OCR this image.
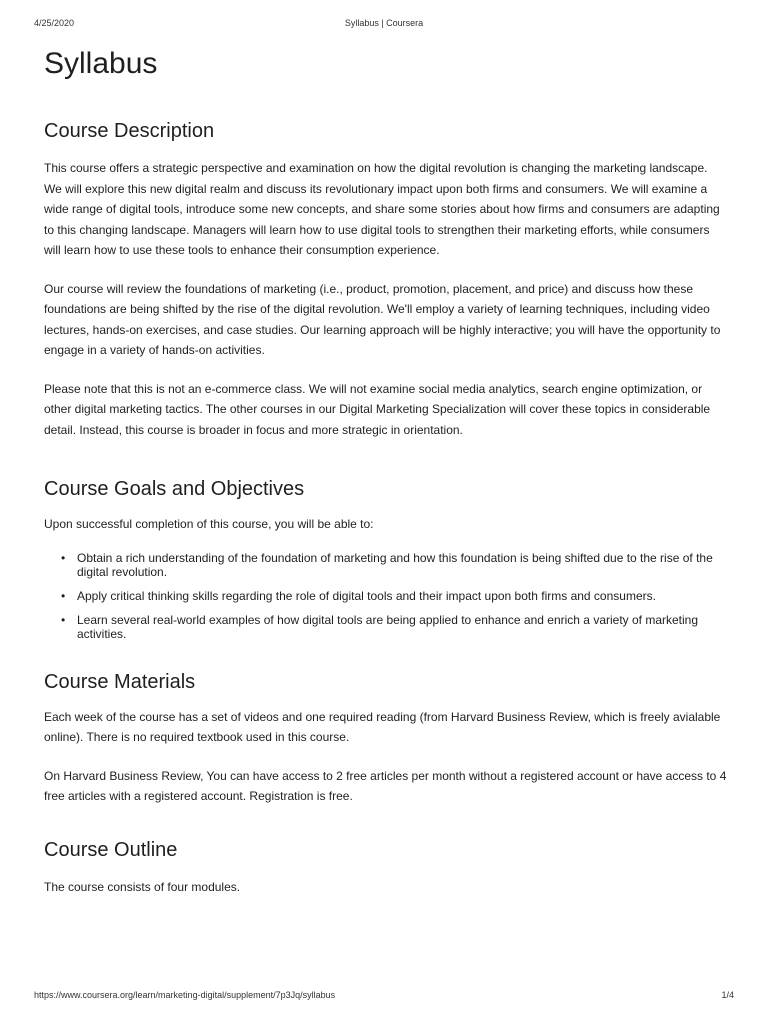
4/25/2020	Syllabus | Coursera
Syllabus
Course Description

This course offers a strategic perspective and examination on how the digital revolution is changing the marketing landscape. We will explore this new digital realm and discuss its revolutionary impact upon both firms and consumers. We will examine a wide range of digital tools, introduce some new concepts, and share some stories about how firms and consumers are adapting to this changing landscape. Managers will learn how to use digital tools to strengthen their marketing efforts, while consumers will learn how to use these tools to enhance their consumption experience.

Our course will review the foundations of marketing (i.e., product, promotion, placement, and price) and discuss how these foundations are being shifted by the rise of the digital revolution. We'll employ a variety of learning techniques, including video lectures, hands-on exercises, and case studies. Our learning approach will be highly interactive; you will have the opportunity to engage in a variety of hands-on activities.

Please note that this is not an e-commerce class. We will not examine social media analytics, search engine optimization, or other digital marketing tactics. The other courses in our Digital Marketing Specialization will cover these topics in considerable detail. Instead, this course is broader in focus and more strategic in orientation.

Course Goals and Objectives

Upon successful completion of this course, you will be able to:

• Obtain a rich understanding of the foundation of marketing and how this foundation is being shifted due to the rise of the digital revolution.
• Apply critical thinking skills regarding the role of digital tools and their impact upon both firms and consumers.
• Learn several real-world examples of how digital tools are being applied to enhance and enrich a variety of marketing activities.
Course Materials

Each week of the course has a set of videos and one required reading (from Harvard Business Review, which is freely avialable online). There is no required textbook used in this course.

On Harvard Business Review, You can have access to 2 free articles per month without a registered account or have access to 4 free articles with a registered account. Registration is free.

Course Outline

The course consists of four modules.

https://www.coursera.org/learn/marketing-digital/supplement/7p3Jq/syllabus	1/4
